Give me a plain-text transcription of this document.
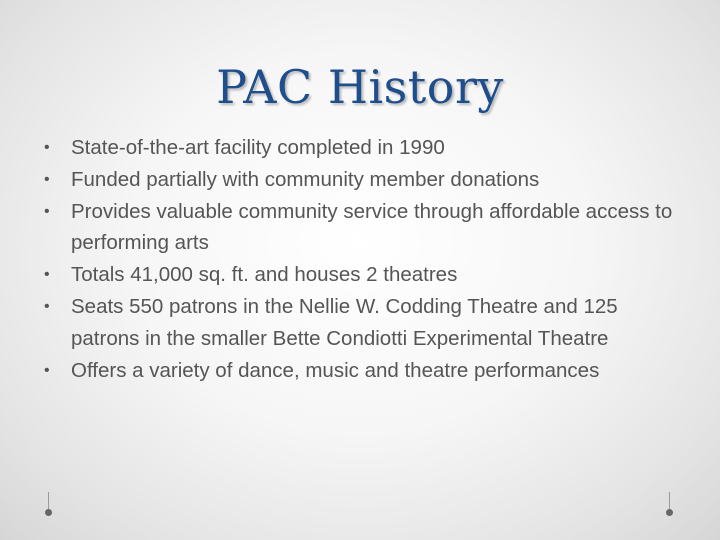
PAC History
• State-of-the-art facility completed in 1990
• Funded partially with community member donations
• Provides valuable community service through affordable access to performing arts
• Totals 41,000 sq. ft. and houses 2 theatres
• Seats 550 patrons in the Nellie W. Codding Theatre and 125 patrons in the smaller Bette Condiotti Experimental Theatre
• Offers a variety of dance, music and theatre performances
